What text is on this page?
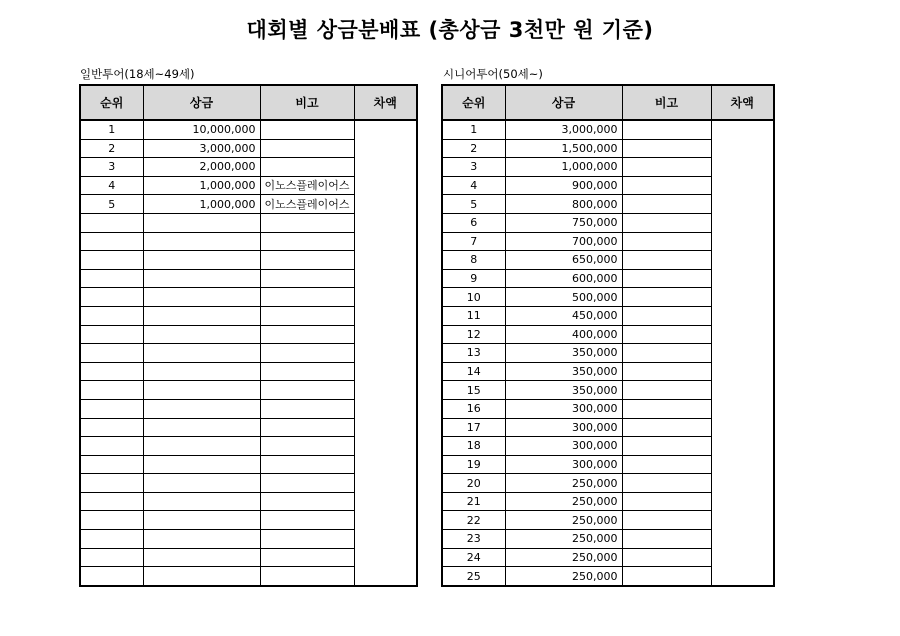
대회별 상금분배표 (총상금 3천만 원 기준)
일반투어(18세~49세)
순위	상금	비고	차액
1	10,000,000		
2	3,000,000		
3	2,000,000		
4	1,000,000	이노스플레이어스	
5	1,000,000	이노스플레이어스	

시니어투어(50세~)
순위	상금	비고	차액
1	3,000,000		
2	1,500,000		
3	1,000,000		
4	900,000		
5	800,000		
6	750,000		
7	700,000		
8	650,000		
9	600,000		
10	500,000		
11	450,000		
12	400,000		
13	350,000		
14	350,000		
15	350,000		
16	300,000		
17	300,000		
18	300,000		
19	300,000		
20	250,000		
21	250,000		
22	250,000		
23	250,000		
24	250,000		
25	250,000		
